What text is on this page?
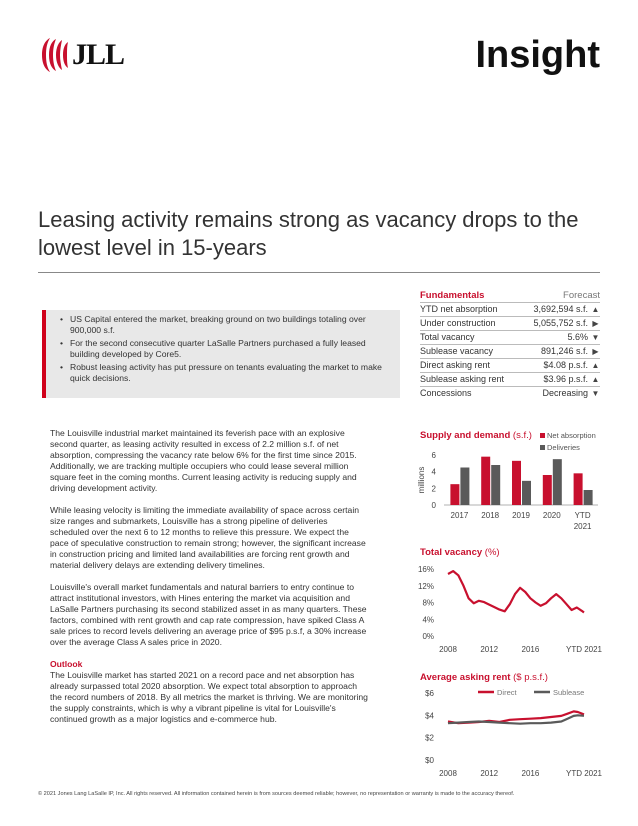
JLL	Insight
Leasing activity remains strong as vacancy drops to the lowest level in 15-years
• US Capital entered the market, breaking ground on two buildings totaling over 900,000 s.f.
• For the second consecutive quarter LaSalle Partners purchased a fully leased building developed by Core5.
• Robust leasing activity has put pressure on tenants evaluating the market to make quick decisions.
Fundamentals	Forecast
YTD net absorption	3,692,594 s.f. ▲
Under construction	5,055,752 s.f. ▶
Total vacancy	5.6% ▼
Sublease vacancy	891,246 s.f. ▶
Direct asking rent	$4.08 p.s.f. ▲
Sublease asking rent	$3.96 p.s.f. ▲
Concessions	Decreasing ▼

The Louisville industrial market maintained its feverish pace with an explosive second quarter, as leasing activity resulted in excess of 2.2 million s.f. of net absorption, compressing the vacancy rate below 6% for the first time since 2015. Additionally, we are tracking multiple occupiers who could lease several million square feet in the coming months. Current leasing activity is reducing supply and driving development activity.

While leasing velocity is limiting the immediate availability of space across certain size ranges and submarkets, Louisville has a strong pipeline of deliveries scheduled over the next 6 to 12 months to relieve this pressure. We expect the pace of speculative construction to remain strong; however, the significant increase in construction pricing and limited land availabilities are forcing rent growth and material delivery delays are extending delivery timelines.

Louisville's overall market fundamentals and natural barriers to entry continue to attract institutional investors, with Hines entering the market via acquisition and LaSalle Partners purchasing its second stabilized asset in as many quarters. These factors, combined with rent growth and cap rate compression, have spiked Class A sale prices to record levels delivering an average price of $95 p.s.f, a 30% increase over the average Class A sales price in 2020.

Outlook

The Louisville market has started 2021 on a record pace and net absorption has already surpassed total 2020 absorption. We expect total absorption to approach the record numbers of 2018. By all metrics the market is thriving. We are monitoring the supply constraints, which is why a vibrant pipeline is vital for Louisville's continued growth as a major logistics and e-commerce hub.

Supply and demand (s.f.)
0
2
4
6
millions
2017 2018 2019 2020 YTD
2021
Net absorption
Deliveries
Total vacancy (%)
0%
4%
8%
12%
16%
2008	2012	2016	YTD 2021
Average asking rent ($ p.s.f.)
$0
$2
$4
$6
2008	2012	2016	YTD 2021
Direct	Sublease
© 2021 Jones Lang LaSalle IP, Inc. All rights reserved. All information contained herein is from sources deemed reliable; however, no representation or warranty is made to the accuracy thereof.
